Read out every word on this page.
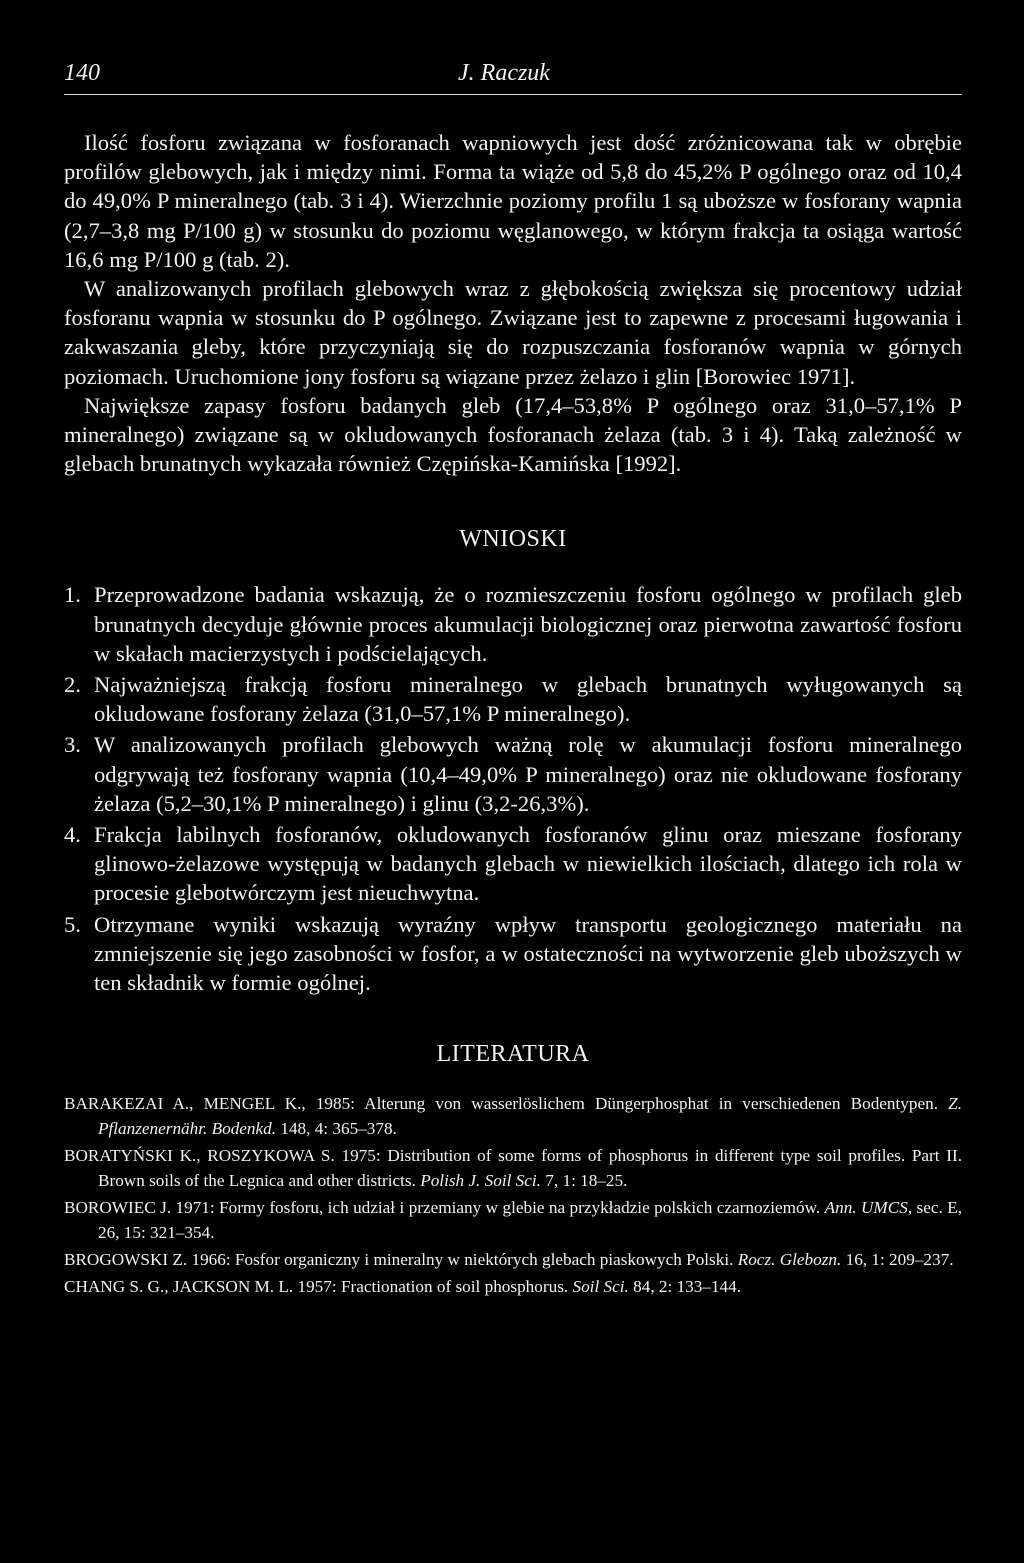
140	J. Raczuk

Ilość fosforu związana w fosforanach wapniowych jest dość zróżnicowana tak w obrębie profilów glebowych, jak i między nimi. Forma ta wiąże od 5,8 do 45,2% P ogólnego oraz od 10,4 do 49,0% P mineralnego (tab. 3 i 4). Wierzchnie poziomy profilu 1 są uboższe w fosforany wapnia (2,7–3,8 mg P/100 g) w stosunku do poziomu węglanowego, w którym frakcja ta osiąga wartość 16,6 mg P/100 g (tab. 2).

W analizowanych profilach glebowych wraz z głębokością zwiększa się procentowy udział fosforanu wapnia w stosunku do P ogólnego. Związane jest to zapewne z procesami ługowania i zakwaszania gleby, które przyczyniają się do rozpuszczania fosforanów wapnia w górnych poziomach. Uruchomione jony fosforu są wiązane przez żelazo i glin [Borowiec 1971].

Największe zapasy fosforu badanych gleb (17,4–53,8% P ogólnego oraz 31,0–57,1% P mineralnego) związane są w okludowanych fosforanach żelaza (tab. 3 i 4). Taką zależność w glebach brunatnych wykazała również Czępińska-Kamińska [1992].

WNIOSKI
1. Przeprowadzone badania wskazują, że o rozmieszczeniu fosforu ogólnego w profilach gleb brunatnych decyduje głównie proces akumulacji biologicznej oraz pierwotna zawartość fosforu w skałach macierzystych i podścielających.
2. Najważniejszą frakcją fosforu mineralnego w glebach brunatnych wyługowanych są okludowane fosforany żelaza (31,0–57,1% P mineralnego).
3. W analizowanych profilach glebowych ważną rolę w akumulacji fosforu mineralnego odgrywają też fosforany wapnia (10,4–49,0% P mineralnego) oraz nie okludowane fosforany żelaza (5,2–30,1% P mineralnego) i glinu (3,2-26,3%).
4. Frakcja labilnych fosforanów, okludowanych fosforanów glinu oraz mieszane fosforany glinowo-żelazowe występują w badanych glebach w niewielkich ilościach, dlatego ich rola w procesie glebotwórczym jest nieuchwytna.
5. Otrzymane wyniki wskazują wyraźny wpływ transportu geologicznego materiału na zmniejszenie się jego zasobności w fosfor, a w ostateczności na wytworzenie gleb uboższych w ten składnik w formie ogólnej.
LITERATURA
BARAKEZAI A., MENGEL K., 1985: Alterung von wasserlöslichem Düngerphosphat in verschiedenen Bodentypen. Z. Pflanzenernähr. Bodenkd. 148, 4: 365–378.
BORATYŃSKI K., ROSZYKOWA S. 1975: Distribution of some forms of phosphorus in different type soil profiles. Part II. Brown soils of the Legnica and other districts. Polish J. Soil Sci. 7, 1: 18–25.
BOROWIEC J. 1971: Formy fosforu, ich udział i przemiany w glebie na przykładzie polskich czarnoziemów. Ann. UMCS, sec. E, 26, 15: 321–354.
BROGOWSKI Z. 1966: Fosfor organiczny i mineralny w niektórych glebach piaskowych Polski. Rocz. Glebozn. 16, 1: 209–237.
CHANG S. G., JACKSON M. L. 1957: Fractionation of soil phosphorus. Soil Sci. 84, 2: 133–144.
